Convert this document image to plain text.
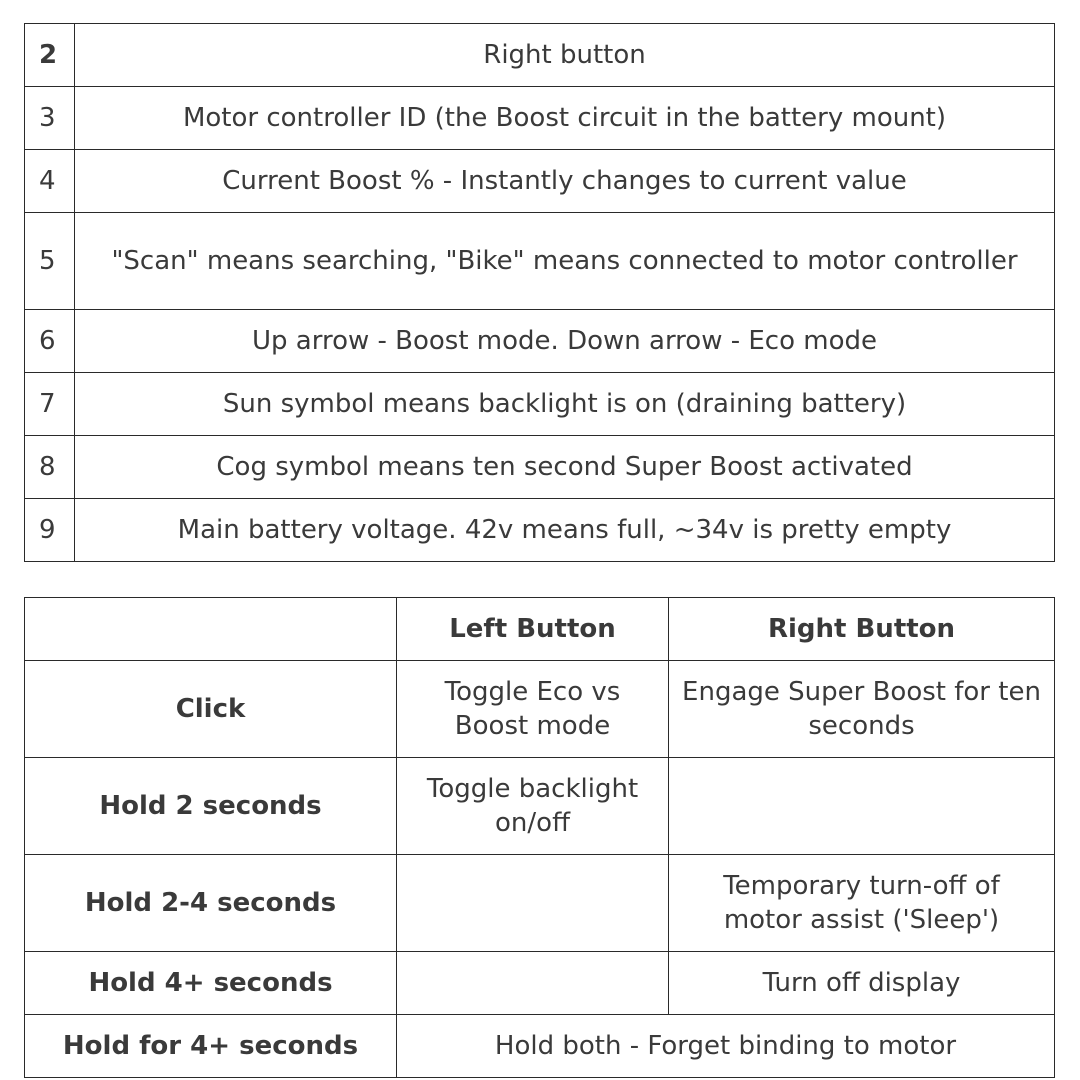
2	Right button
3	Motor controller ID (the Boost circuit in the battery mount)
4	Current Boost % - Instantly changes to current value
5	"Scan" means searching, "Bike" means connected to motor controller
6	Up arrow - Boost mode. Down arrow - Eco mode
7	Sun symbol means backlight is on (draining battery)
8	Cog symbol means ten second Super Boost activated
9	Main battery voltage. 42v means full, ~34v is pretty empty
	Left Button	Right Button
Click	Toggle Eco vs Boost mode	Engage Super Boost for ten seconds
Hold 2 seconds	Toggle backlight on/off	
Hold 2-4 seconds		Temporary turn-off of motor assist ('Sleep')
Hold 4+ seconds		Turn off display
Hold for 4+ seconds	Hold both - Forget binding to motor	
